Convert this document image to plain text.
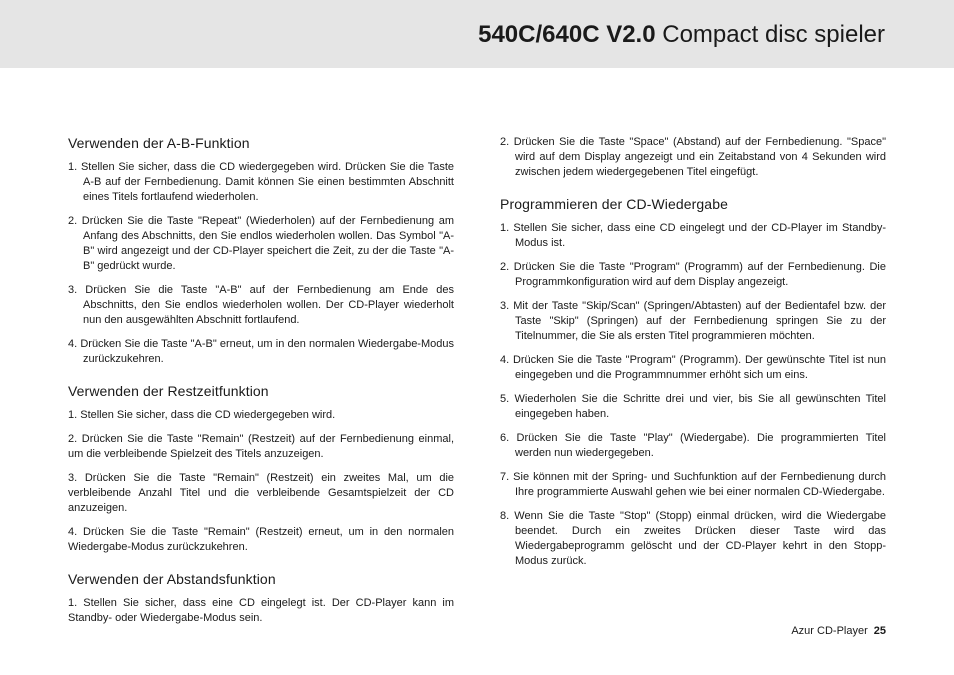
540C/640C V2.0 Compact disc spieler
Verwenden der A-B-Funktion

1. Stellen Sie sicher, dass die CD wiedergegeben wird. Drücken Sie die Taste A-B auf der Fernbedienung. Damit können Sie einen bestimmten Abschnitt eines Titels fortlaufend wiederholen.

2. Drücken Sie die Taste "Repeat" (Wiederholen) auf der Fernbedienung am Anfang des Abschnitts, den Sie endlos wiederholen wollen. Das Symbol "A-B" wird angezeigt und der CD-Player speichert die Zeit, zu der die Taste "A-B" gedrückt wurde.

3. Drücken Sie die Taste "A-B" auf der Fernbedienung am Ende des Abschnitts, den Sie endlos wiederholen wollen. Der CD-Player wiederholt nun den ausgewählten Abschnitt fortlaufend.

4. Drücken Sie die Taste "A-B" erneut, um in den normalen Wiedergabe-Modus zurückzukehren.

Verwenden der Restzeitfunktion

1. Stellen Sie sicher, dass die CD wiedergegeben wird.

2. Drücken Sie die Taste "Remain" (Restzeit) auf der Fernbedienung einmal, um die verbleibende Spielzeit des Titels anzuzeigen.

3. Drücken Sie die Taste "Remain" (Restzeit) ein zweites Mal, um die verbleibende Anzahl Titel und die verbleibende Gesamtspielzeit der CD anzuzeigen.

4. Drücken Sie die Taste "Remain" (Restzeit) erneut, um in den normalen Wiedergabe-Modus zurückzukehren.

Verwenden der Abstandsfunktion

1. Stellen Sie sicher, dass eine CD eingelegt ist. Der CD-Player kann im Standby- oder Wiedergabe-Modus sein.

2. Drücken Sie die Taste "Space" (Abstand) auf der Fernbedienung. "Space" wird auf dem Display angezeigt und ein Zeitabstand von 4 Sekunden wird zwischen jedem wiedergegebenen Titel eingefügt.

Programmieren der CD-Wiedergabe

1. Stellen Sie sicher, dass eine CD eingelegt und der CD-Player im Standby-Modus ist.

2. Drücken Sie die Taste "Program" (Programm) auf der Fernbedienung. Die Programmkonfiguration wird auf dem Display angezeigt.

3. Mit der Taste "Skip/Scan" (Springen/Abtasten) auf der Bedientafel bzw. der Taste "Skip" (Springen) auf der Fernbedienung springen Sie zu der Titelnummer, die Sie als ersten Titel programmieren möchten.

4. Drücken Sie die Taste "Program" (Programm). Der gewünschte Titel ist nun eingegeben und die Programmnummer erhöht sich um eins.

5. Wiederholen Sie die Schritte drei und vier, bis Sie all gewünschten Titel eingegeben haben.

6. Drücken Sie die Taste "Play" (Wiedergabe). Die programmierten Titel werden nun wiedergegeben.

7. Sie können mit der Spring- und Suchfunktion auf der Fernbedienung durch Ihre programmierte Auswahl gehen wie bei einer normalen CD-Wiedergabe.

8. Wenn Sie die Taste "Stop" (Stopp) einmal drücken, wird die Wiedergabe beendet. Durch ein zweites Drücken dieser Taste wird das Wiedergabeprogramm gelöscht und der CD-Player kehrt in den Stopp-Modus zurück.

Azur CD-Player 25
